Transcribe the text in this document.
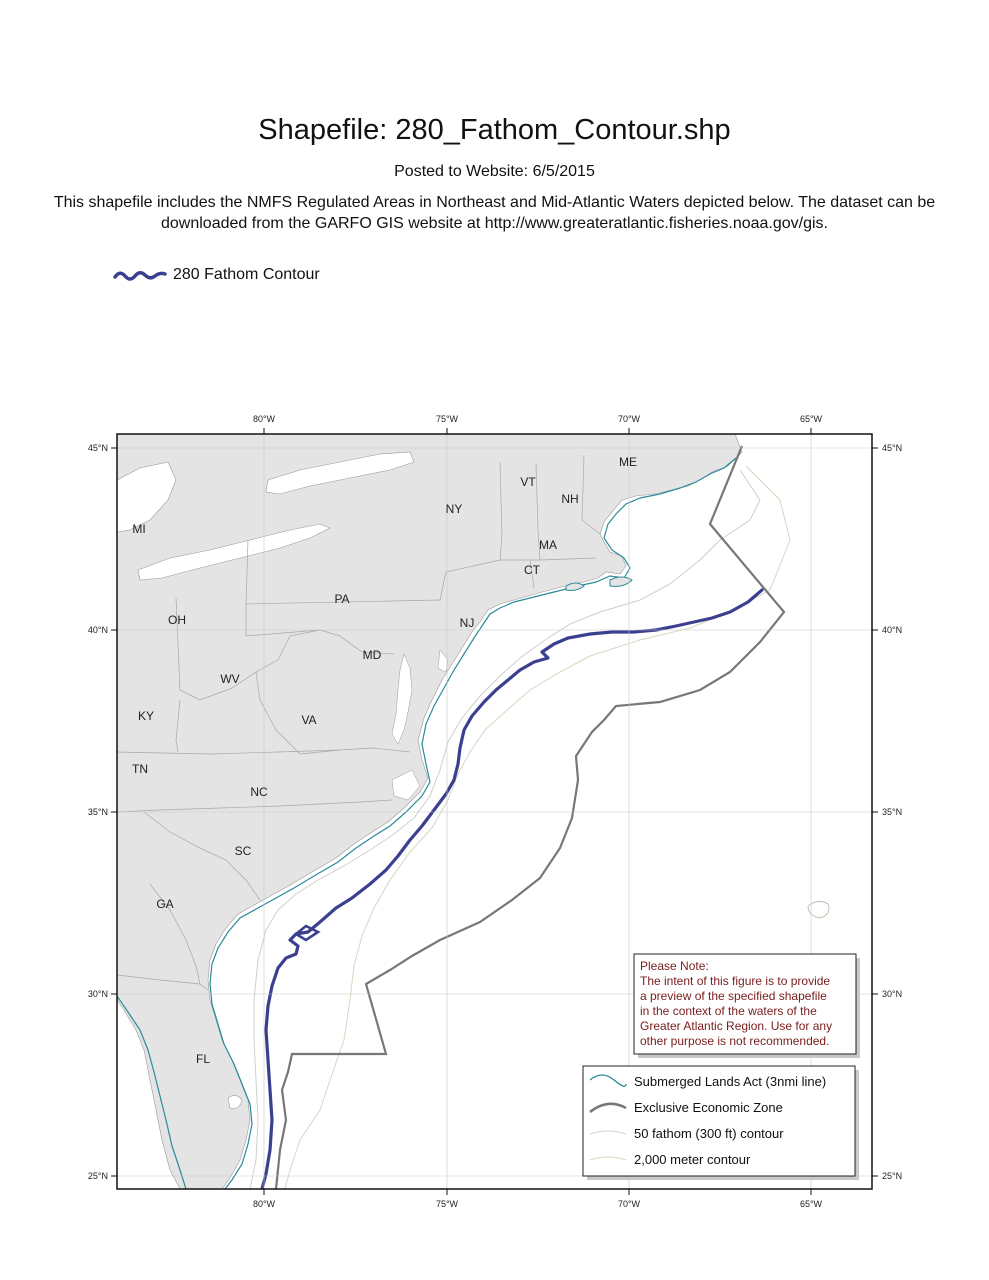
Shapefile: 280_Fathom_Contour.shp
Posted to Website: 6/5/2015
This shapefile includes the NMFS Regulated Areas in Northeast and Mid-Atlantic Waters depicted below. The dataset can be downloaded from the GARFO GIS website at http://www.greateratlantic.fisheries.noaa.gov/gis.
280 Fathom Contour
80°W	75°W	70°W	65°W
80°W	75°W	70°W	65°W
45°N
40°N
35°N
30°N
25°N
45°N
40°N
35°N
30°N
25°N
ME
VT
NH
NY
MA
MI
CT
PA
OH	NJ
MD
WV
KY	VA
TN
NC
SC
GA
FL
Please Note:
The intent of this figure is to provide
a preview of the specified shapefile
in the context of the waters of the
Greater Atlantic Region. Use for any
other purpose is not recommended.
Submerged Lands Act (3nmi line)
Exclusive Economic Zone
50 fathom (300 ft) contour
2,000 meter contour
